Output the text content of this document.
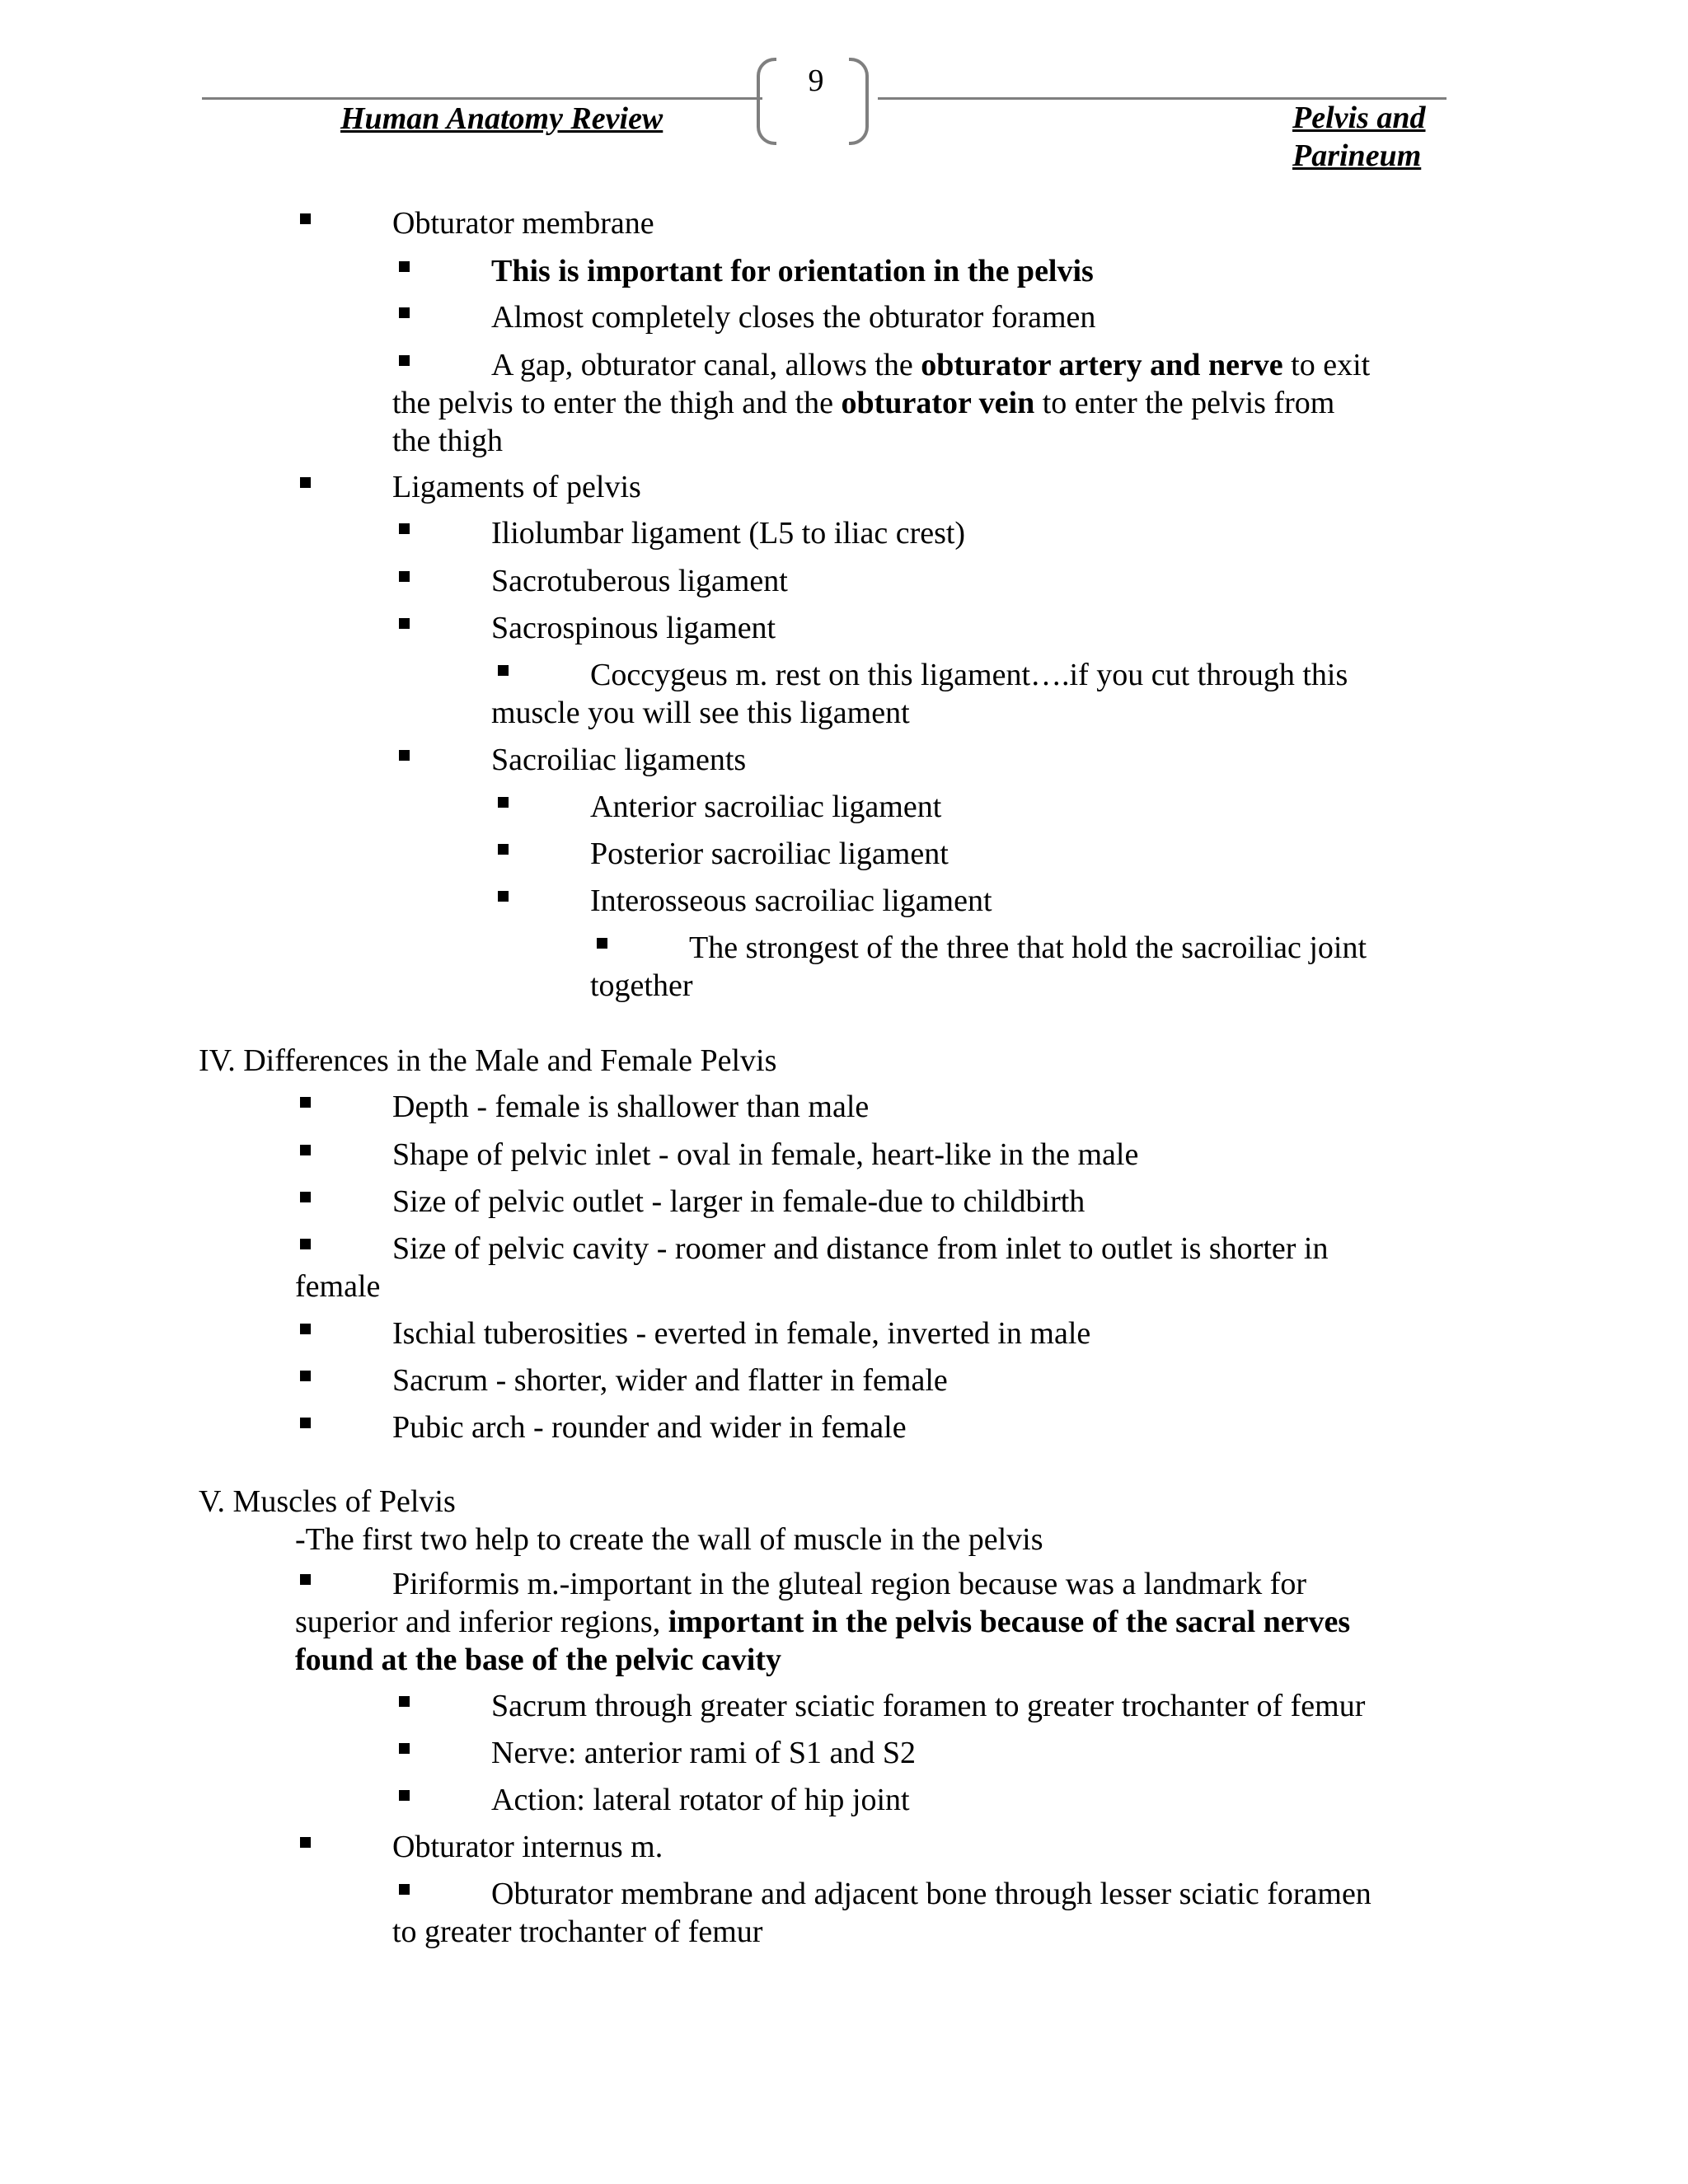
9
Human Anatomy Review	Pelvis and
Parineum
Obturator membrane
This is important for orientation in the pelvis
Almost completely closes the obturator foramen
A gap, obturator canal, allows the obturator artery and nerve to exit
the pelvis to enter the thigh and the obturator vein to enter the pelvis from
the thigh
Ligaments of pelvis
Iliolumbar ligament (L5 to iliac crest)
Sacrotuberous ligament
Sacrospinous ligament
Coccygeus m. rest on this ligament….if you cut through this
muscle you will see this ligament
Sacroiliac ligaments
Anterior sacroiliac ligament
Posterior sacroiliac ligament
Interosseous sacroiliac ligament
The strongest of the three that hold the sacroiliac joint
together
IV. Differences in the Male and Female Pelvis
Depth - female is shallower than male
Shape of pelvic inlet - oval in female, heart-like in the male
Size of pelvic outlet - larger in female-due to childbirth
Size of pelvic cavity - roomer and distance from inlet to outlet is shorter in
female
Ischial tuberosities - everted in female, inverted in male
Sacrum - shorter, wider and flatter in female
Pubic arch - rounder and wider in female
V. Muscles of Pelvis
-The first two help to create the wall of muscle in the pelvis
Piriformis m.-important in the gluteal region because was a landmark for
superior and inferior regions, important in the pelvis because of the sacral nerves
found at the base of the pelvic cavity
Sacrum through greater sciatic foramen to greater trochanter of femur
Nerve: anterior rami of S1 and S2
Action: lateral rotator of hip joint
Obturator internus m.
Obturator membrane and adjacent bone through lesser sciatic foramen
to greater trochanter of femur
